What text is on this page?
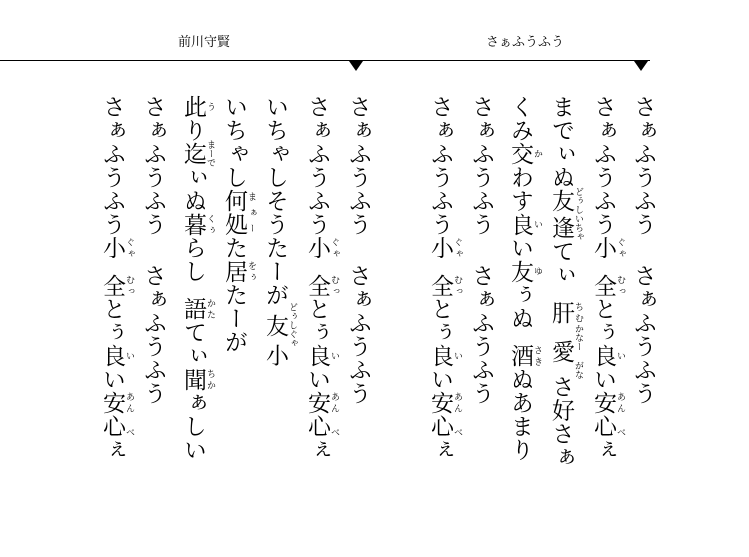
前川守賢	さぁふうふう
さぁふうふうさぁふうふう
さぁふうふう小 ぐゃ全 むっとぅ良 いい安心 あん べぇ
までぃぬ友 どぅし逢 いちゃてぃ肝 ちむ愛 かなー がなさ好さぁ
くみ交 かわす良 いい友 ゆぅぬ酒 さきぬあまり
さぁふうふうさぁふうふう
さぁふうふう小 ぐゃ全 むっとぅ良 いい安心 あん べぇ
さぁふうふうさぁふうふう
さぁふうふう小 ぐゃ全 むっとぅ良 いい安心 あん べぇ
いちゃしそうたーが友 どぅしぐゃ小
いちゃし何処 まぁーた居 をぅたーが
此 うり迄 まーでぃぬ暮 くぅらし語 かたてぃ聞 ちかぁしい
さぁふうふうさぁふうふう
さぁふうふう小 ぐゃ全 むっとぅ良 いい安心 あん べぇ
